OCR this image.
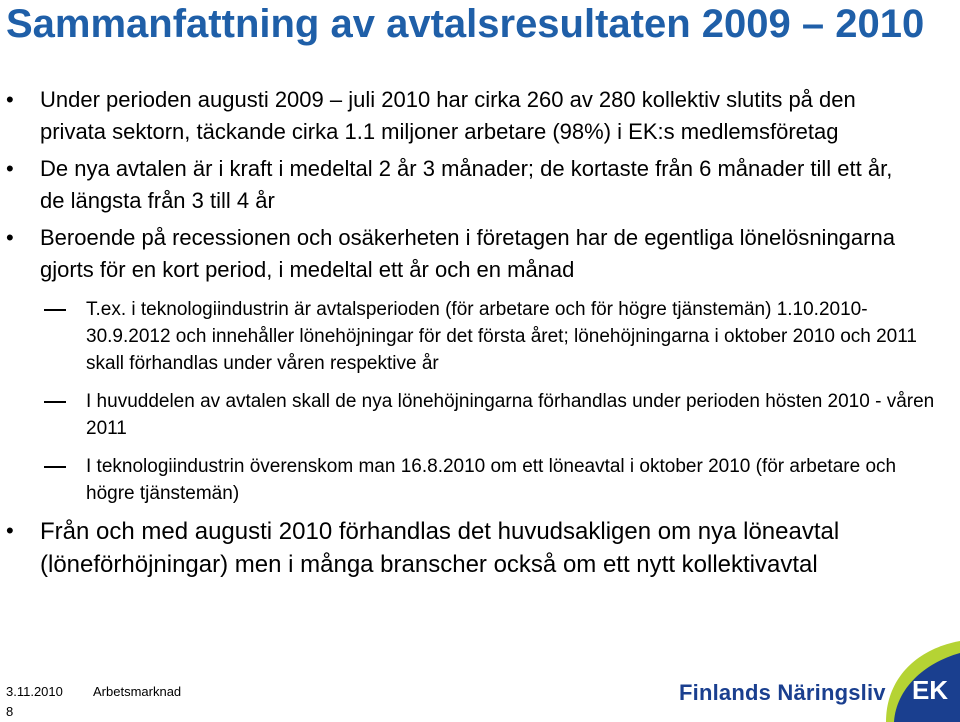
Sammanfattning av avtalsresultaten 2009 – 2010
• Under perioden augusti 2009 – juli 2010 har cirka 260 av 280 kollektiv slutits på den privata sektorn, täckande cirka 1.1 miljoner arbetare (98%) i EK:s medlemsföretag
• De nya avtalen är i kraft i medeltal 2 år 3 månader; de kortaste från 6 månader till ett år, de längsta från 3 till 4 år
• Beroende på recessionen och osäkerheten i företagen har de egentliga lönelösningarna gjorts för en kort period, i medeltal ett år och en månad
T.ex. i teknologiindustrin är avtalsperioden (för arbetare och för högre tjänstemän) 1.10.2010-30.9.2012 och innehåller lönehöjningar för det första året; lönehöjningarna i oktober 2010 och 2011 skall förhandlas under våren respektive år
I huvuddelen av avtalen skall de nya lönehöjningarna förhandlas under perioden hösten 2010 - våren 2011
I teknologiindustrin överenskom man 16.8.2010 om ett löneavtal i oktober 2010 (för arbetare och högre tjänstemän)
• Från och med augusti 2010 förhandlas det huvudsakligen om nya löneavtal (löneförhöjningar) men i många branscher också om ett nytt kollektivavtal
3.11.2010 Arbetsmarknad
8
Finlands Näringsliv EK
